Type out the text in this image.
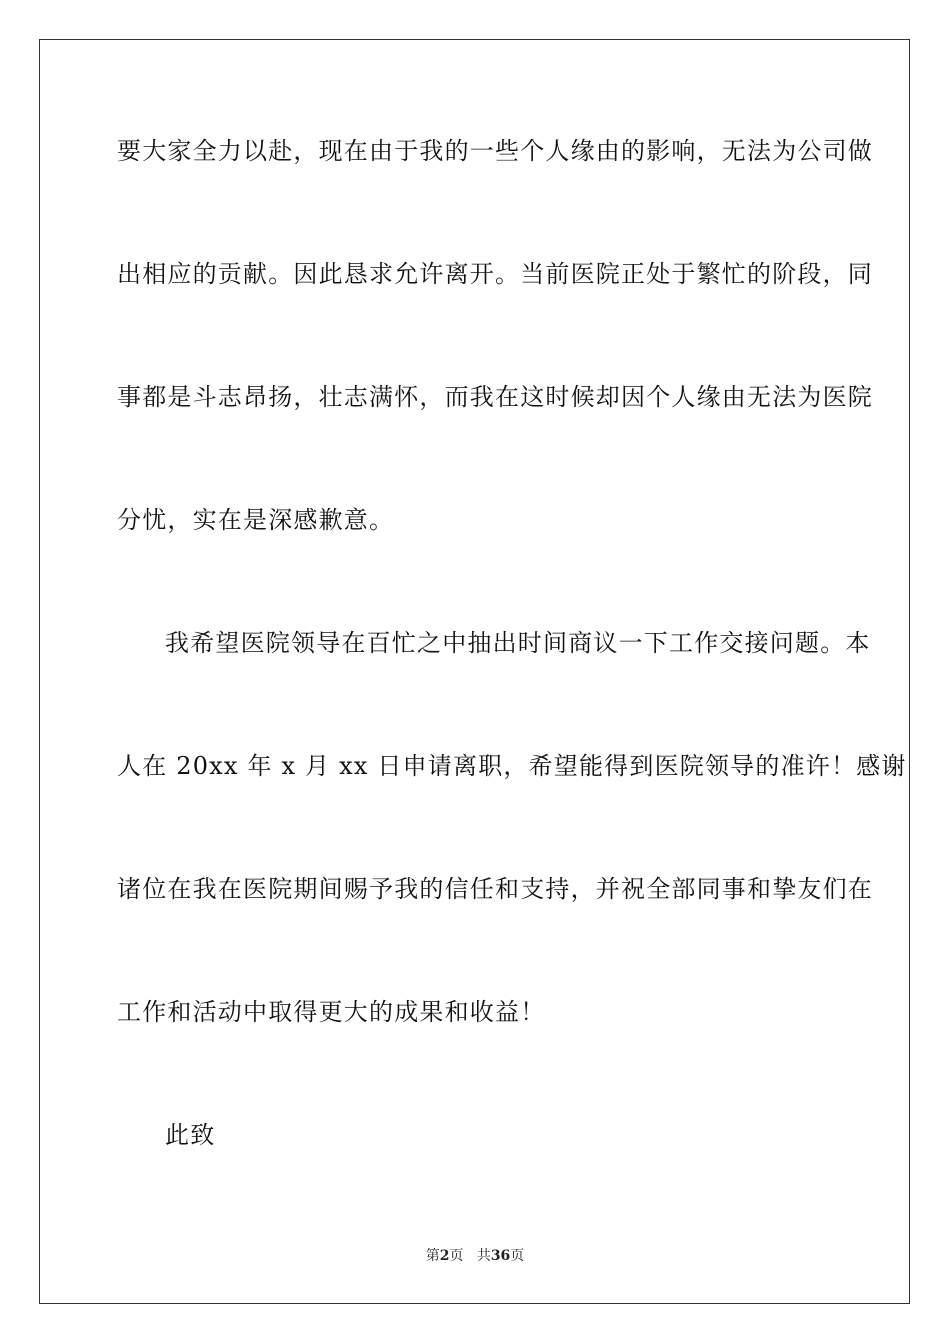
要大家全力以赴，现在由于我的一些个人缘由的影响，无法为公司做
出相应的贡献。因此恳求允许离开。当前医院正处于繁忙的阶段，同
事都是斗志昂扬，壮志满怀，而我在这时候却因个人缘由无法为医院
分忧，实在是深感歉意。
我希望医院领导在百忙之中抽出时间商议一下工作交接问题。本
人在 20xx 年 x 月 xx 日申请离职，希望能得到医院领导的准许！感谢
诸位在我在医院期间赐予我的信任和支持，并祝全部同事和挚友们在
工作和活动中取得更大的成果和收益！
此致
第2页 共36页
